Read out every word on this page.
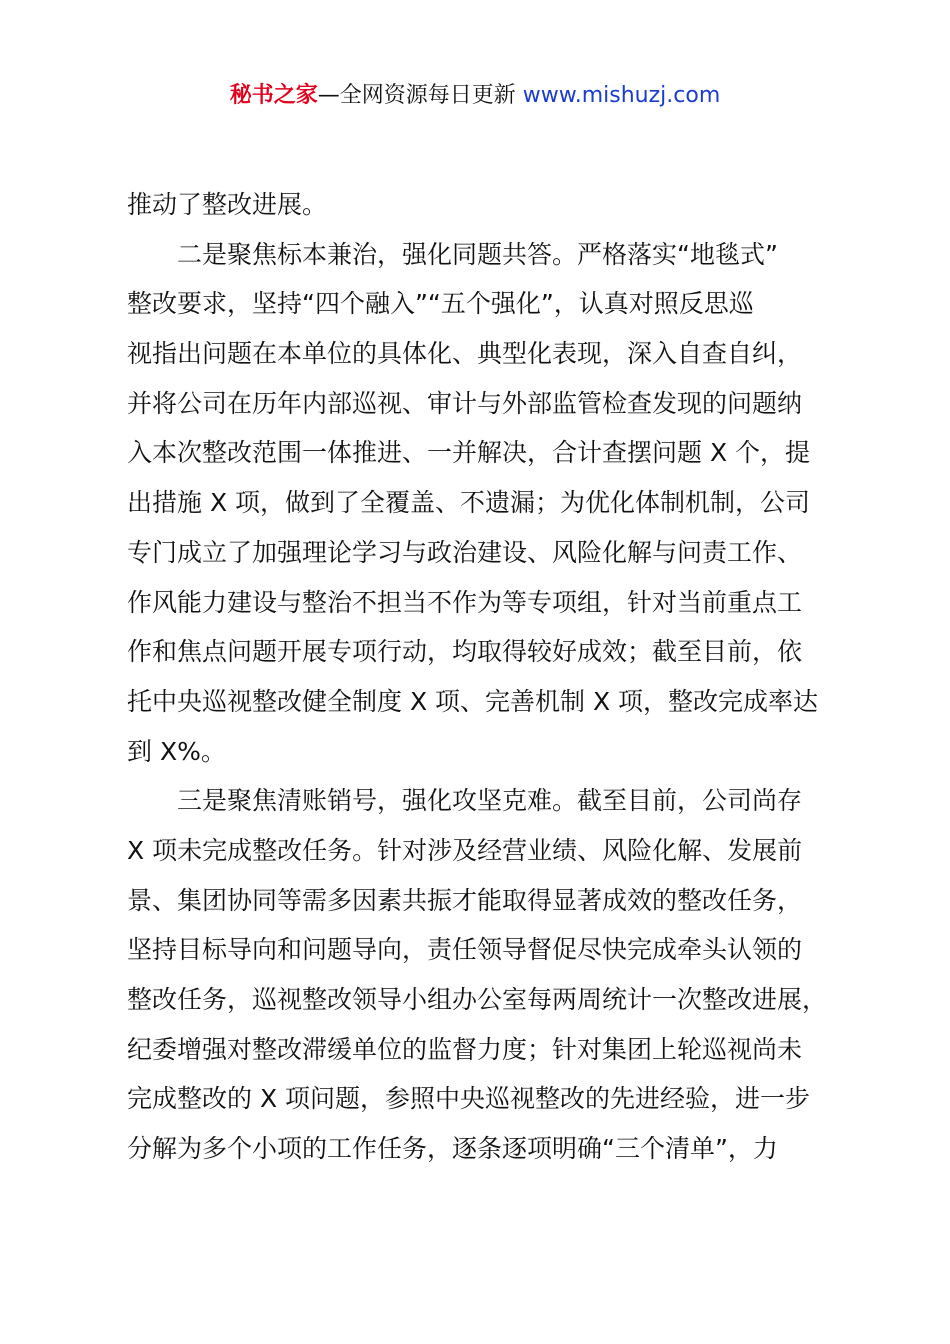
秘书之家—全网资源每日更新 www.mishuzj.com
推动了整改进展。
二是聚焦标本兼治，强化同题共答。严格落实“地毯式”
整改要求，坚持“四个融入”“五个强化”，认真对照反思巡
视指出问题在本单位的具体化、典型化表现，深入自查自纠，
并将公司在历年内部巡视、审计与外部监管检查发现的问题纳
入本次整改范围一体推进、一并解决，合计查摆问题 X 个，提
出措施 X 项，做到了全覆盖、不遗漏；为优化体制机制，公司
专门成立了加强理论学习与政治建设、风险化解与问责工作、
作风能力建设与整治不担当不作为等专项组，针对当前重点工
作和焦点问题开展专项行动，均取得较好成效；截至目前，依
托中央巡视整改健全制度 X 项、完善机制 X 项，整改完成率达
到 X%。
三是聚焦清账销号，强化攻坚克难。截至目前，公司尚存
X 项未完成整改任务。针对涉及经营业绩、风险化解、发展前
景、集团协同等需多因素共振才能取得显著成效的整改任务，
坚持目标导向和问题导向，责任领导督促尽快完成牵头认领的
整改任务，巡视整改领导小组办公室每两周统计一次整改进展，
纪委增强对整改滞缓单位的监督力度；针对集团上轮巡视尚未
完成整改的 X 项问题，参照中央巡视整改的先进经验，进一步
分解为多个小项的工作任务，逐条逐项明确“三个清单”，力
